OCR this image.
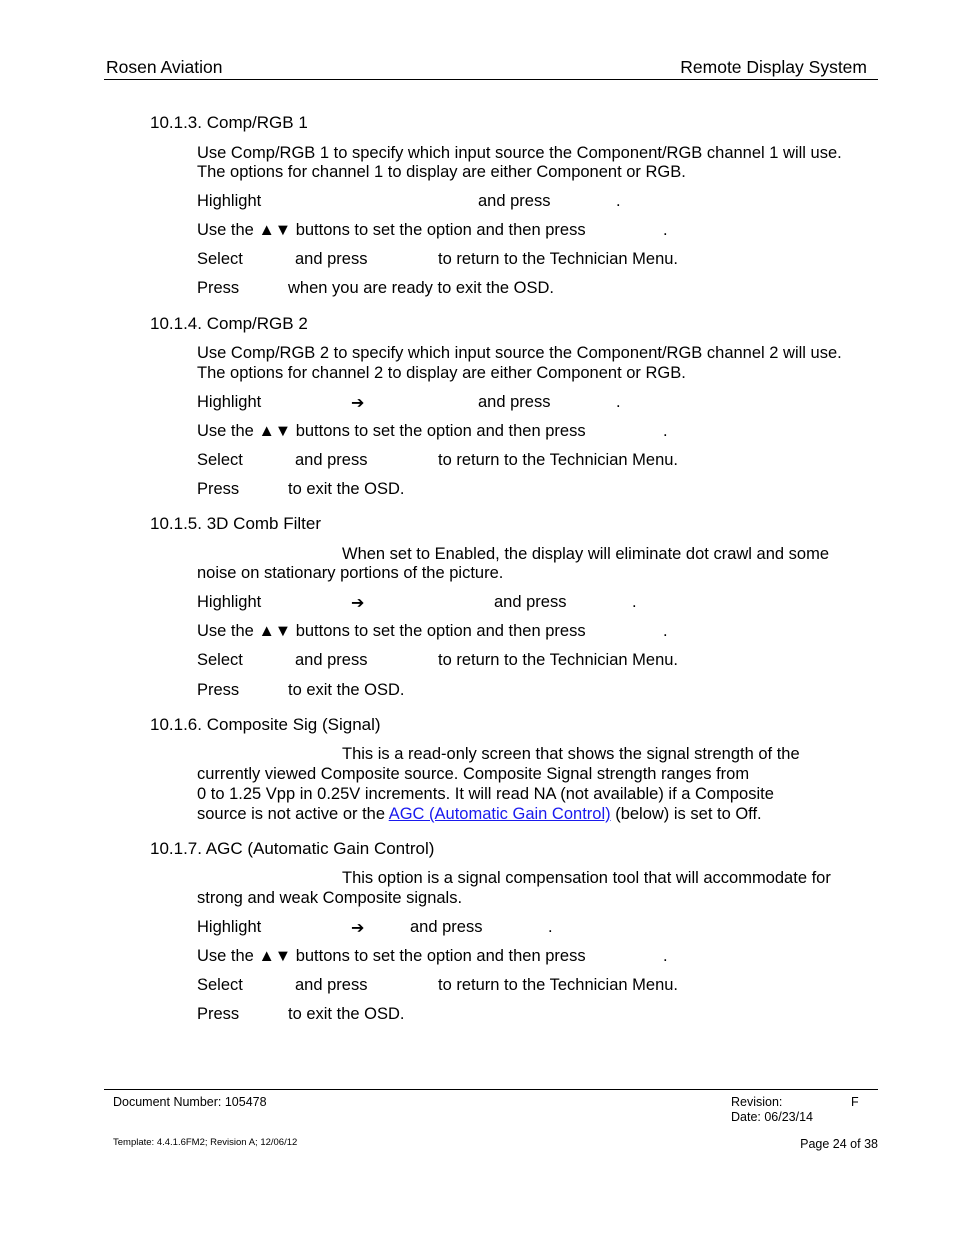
Rosen Aviation	Remote Display System
10.1.3. Comp/RGB 1
Use Comp/RGB 1 to specify which input source the Component/RGB channel 1 will use.
The options for channel 1 to display are either Component or RGB.
Highlight	and press	.
Use the ▲▼ buttons to set the option and then press	.
Select	and press	to return to the Technician Menu.
Press	when you are ready to exit the OSD.
10.1.4. Comp/RGB 2
Use Comp/RGB 2 to specify which input source the Component/RGB channel 2 will use.
The options for channel 2 to display are either Component or RGB.
Highlight	➔	and press	.
Use the ▲▼ buttons to set the option and then press	.
Select	and press	to return to the Technician Menu.
Press	to exit the OSD.
10.1.5. 3D Comb Filter
When set to Enabled, the display will eliminate dot crawl and some
noise on stationary portions of the picture.
Highlight	➔	and press	.
Use the ▲▼ buttons to set the option and then press	.
Select	and press	to return to the Technician Menu.
Press	to exit the OSD.
10.1.6. Composite Sig (Signal)
This is a read-only screen that shows the signal strength of the
currently viewed Composite source. Composite Signal strength ranges from
0 to 1.25 Vpp in 0.25V increments. It will read NA (not available) if a Composite
source is not active or the AGC (Automatic Gain Control) (below) is set to Off.
10.1.7. AGC (Automatic Gain Control)
This option is a signal compensation tool that will accommodate for
strong and weak Composite signals.
Highlight	➔	and press	.
Use the ▲▼ buttons to set the option and then press	.
Select	and press	to return to the Technician Menu.
Press	to exit the OSD.
Document Number: 105478	Revision:	F
Date: 06/23/14
Template: 4.4.1.6FM2; Revision A; 12/06/12	Page 24 of 38
